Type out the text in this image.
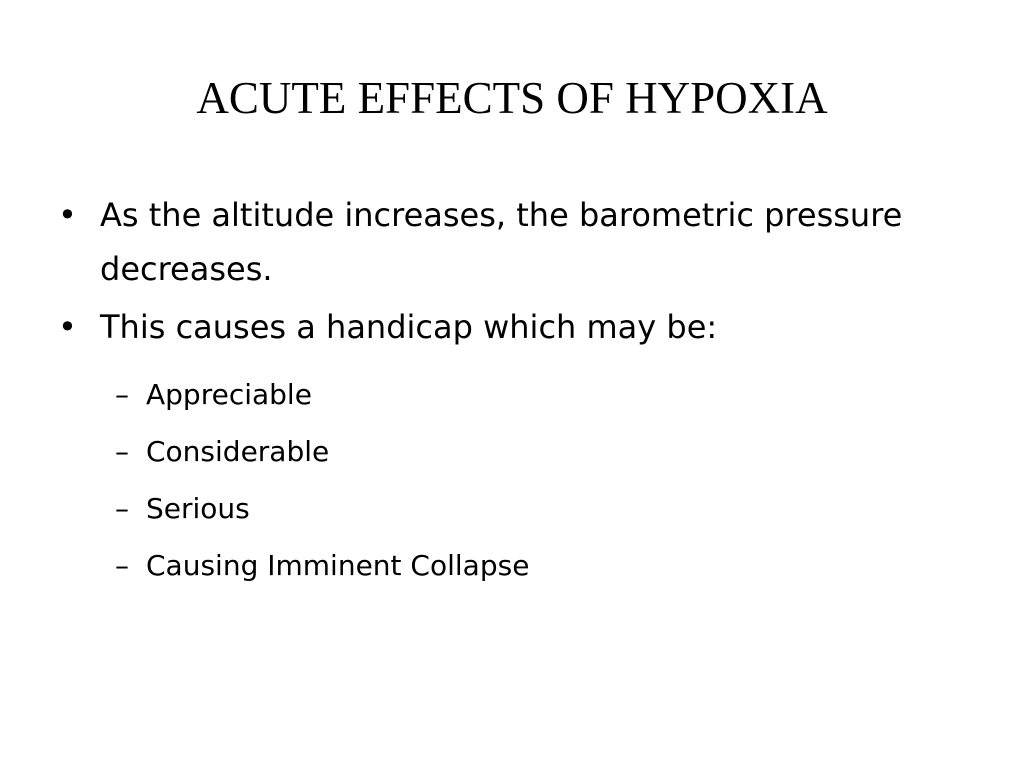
ACUTE EFFECTS OF HYPOXIA
• As the altitude increases, the barometric pressure decreases.
• This causes a handicap which may be:
– Appreciable
– Considerable
– Serious
– Causing Imminent Collapse
